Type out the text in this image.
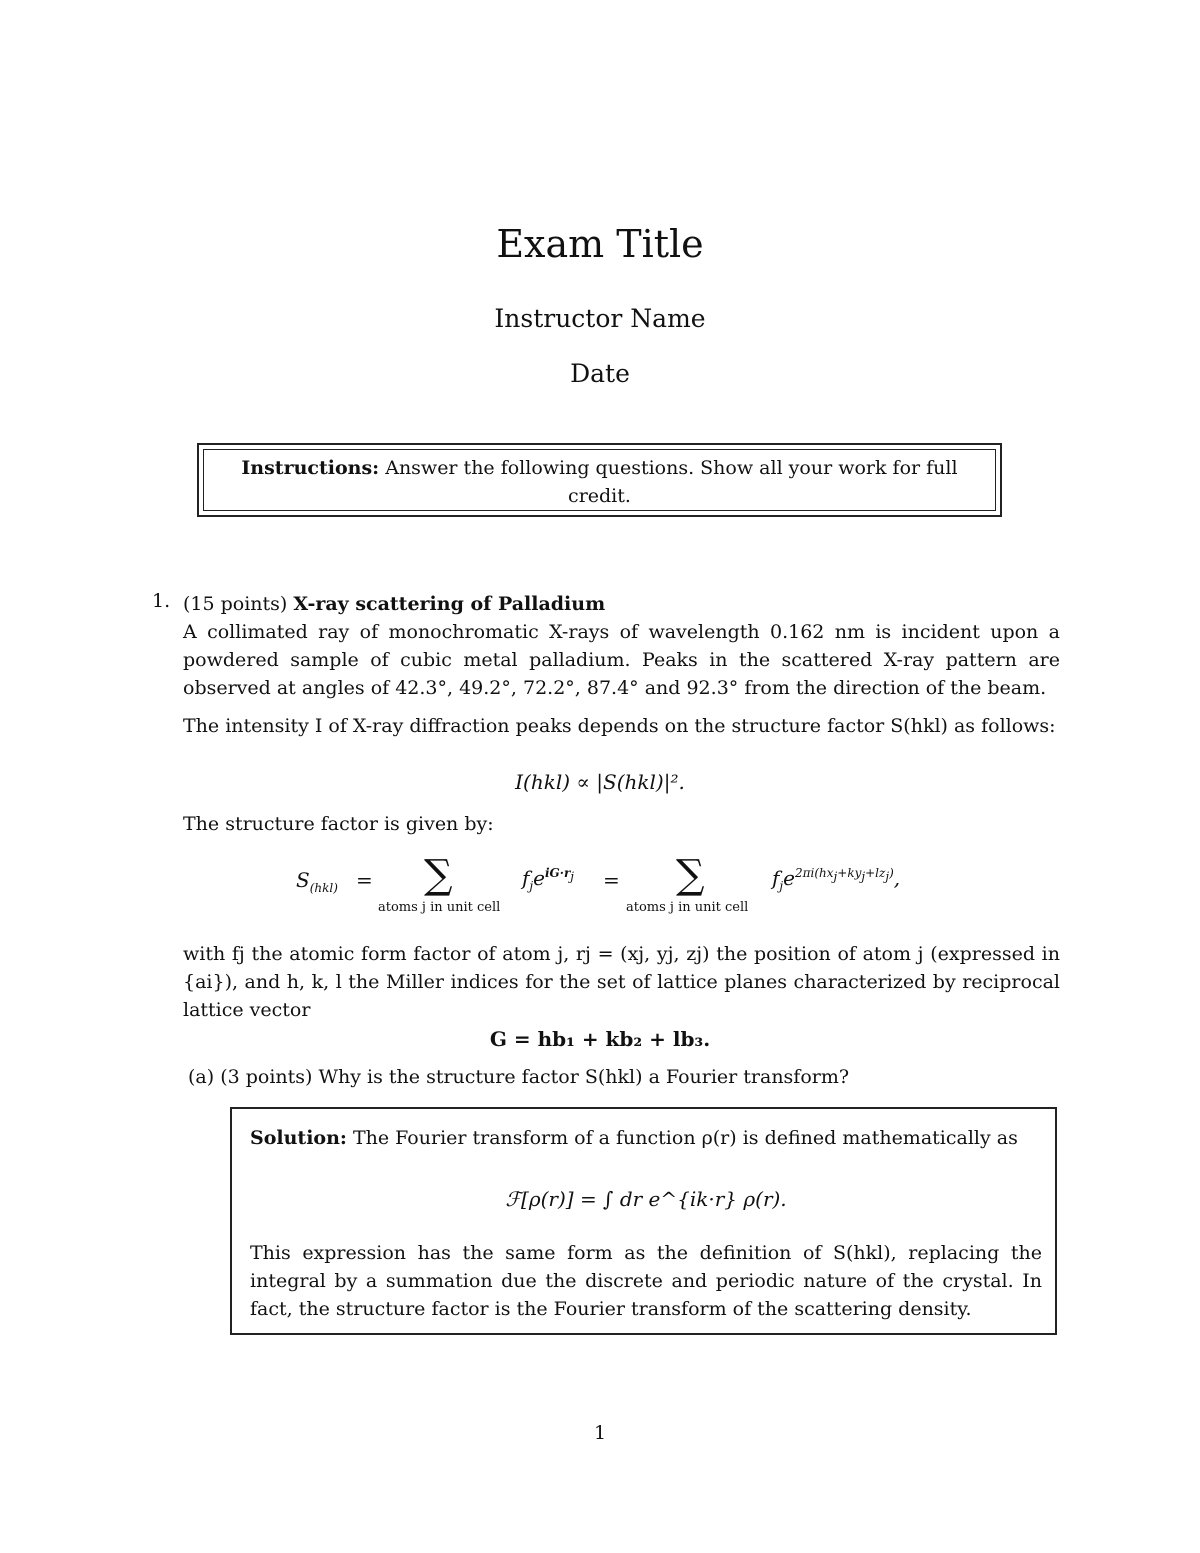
Exam Title
Instructor Name
Date
Instructions: Answer the following questions. Show all your work for full credit.
1. (15 points) X-ray scattering of Palladium
A collimated ray of monochromatic X-rays of wavelength 0.162 nm is incident upon a powdered sample of cubic metal palladium. Peaks in the scattered X-ray pattern are observed at angles of 42.3°, 49.2°, 72.2°, 87.4° and 92.3° from the direction of the beam.
The intensity I of X-ray diffraction peaks depends on the structure factor S(hkl) as follows:
I(hkl) ∝ |S(hkl)|².
The structure factor is given by:
$S_{(hkl)}$ = ∑	$f_je^{iG\cdot r_j}$ = ∑	$f_je^{2\pi i(hx_j+ky_j+lz_j)}$,
atoms j in unit cell	atoms j in unit cell
with fj the atomic form factor of atom j, rj = (xj, yj, zj) the position of atom j (expressed in {ai}), and h, k, l the Miller indices for the set of lattice planes characterized by reciprocal lattice vector
G = hb₁ + kb₂ + lb₃.
(a) (3 points) Why is the structure factor S(hkl) a Fourier transform?
Solution: The Fourier transform of a function ρ(r) is defined mathematically as
ℱ[ρ(r)] = ∫ dr e^{ik·r} ρ(r).
This expression has the same form as the definition of S(hkl), replacing the integral by a summation due the discrete and periodic nature of the crystal. In fact, the structure factor is the Fourier transform of the scattering density.
1
